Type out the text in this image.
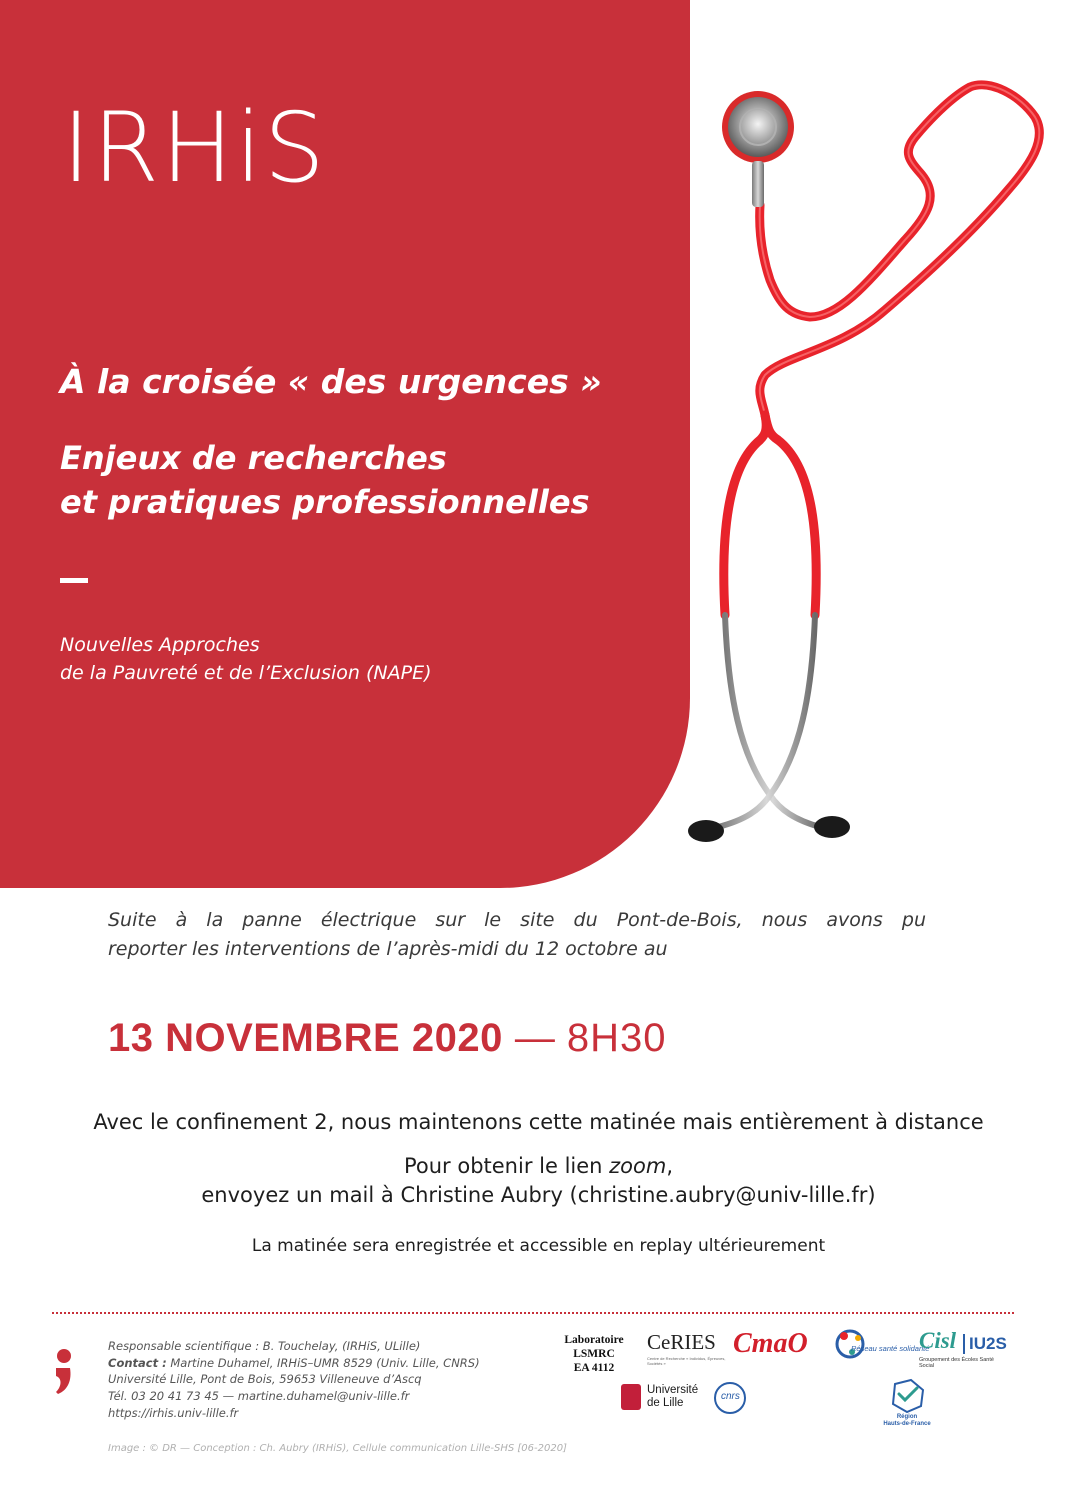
IRHiS
À la croisée « des urgences »
Enjeux de recherches
et pratiques professionnelles
Nouvelles Approches
de la Pauvreté et de l’Exclusion (NAPE)
Suite à la panne électrique sur le site du Pont-de-Bois, nous avons pu
reporter les interventions de l’après-midi du 12 octobre au
13 NOVEMBRE 2020 — 8H30
Avec le confinement 2, nous maintenons cette matinée mais entièrement à distance
Pour obtenir le lien zoom,
envoyez un mail à Christine Aubry (christine.aubry@univ-lille.fr)
La matinée sera enregistrée et accessible en replay ultérieurement
Responsable scientifique : B. Touchelay, (IRHiS, ULille)
Contact : Martine Duhamel, IRHiS–UMR 8529 (Univ. Lille, CNRS)
Université Lille, Pont de Bois, 59653 Villeneuve d’Ascq
Tél. 03 20 41 73 45 — martine.duhamel@univ-lille.fr
https://irhis.univ-lille.fr
Image : © DR — Conception : Ch. Aubry (IRHiS), Cellule communication Lille-SHS [06-2020]
Laboratoire LSMRC
EA 4112
CeRIES
Centre de Recherche « Individus, Épreuves, Sociétés »
CmaO	Réseau santé solidarité
Cisl IU2S
Groupement des Écoles Santé Social
Université
de Lille
cnrs
Région
Hauts-de-France
